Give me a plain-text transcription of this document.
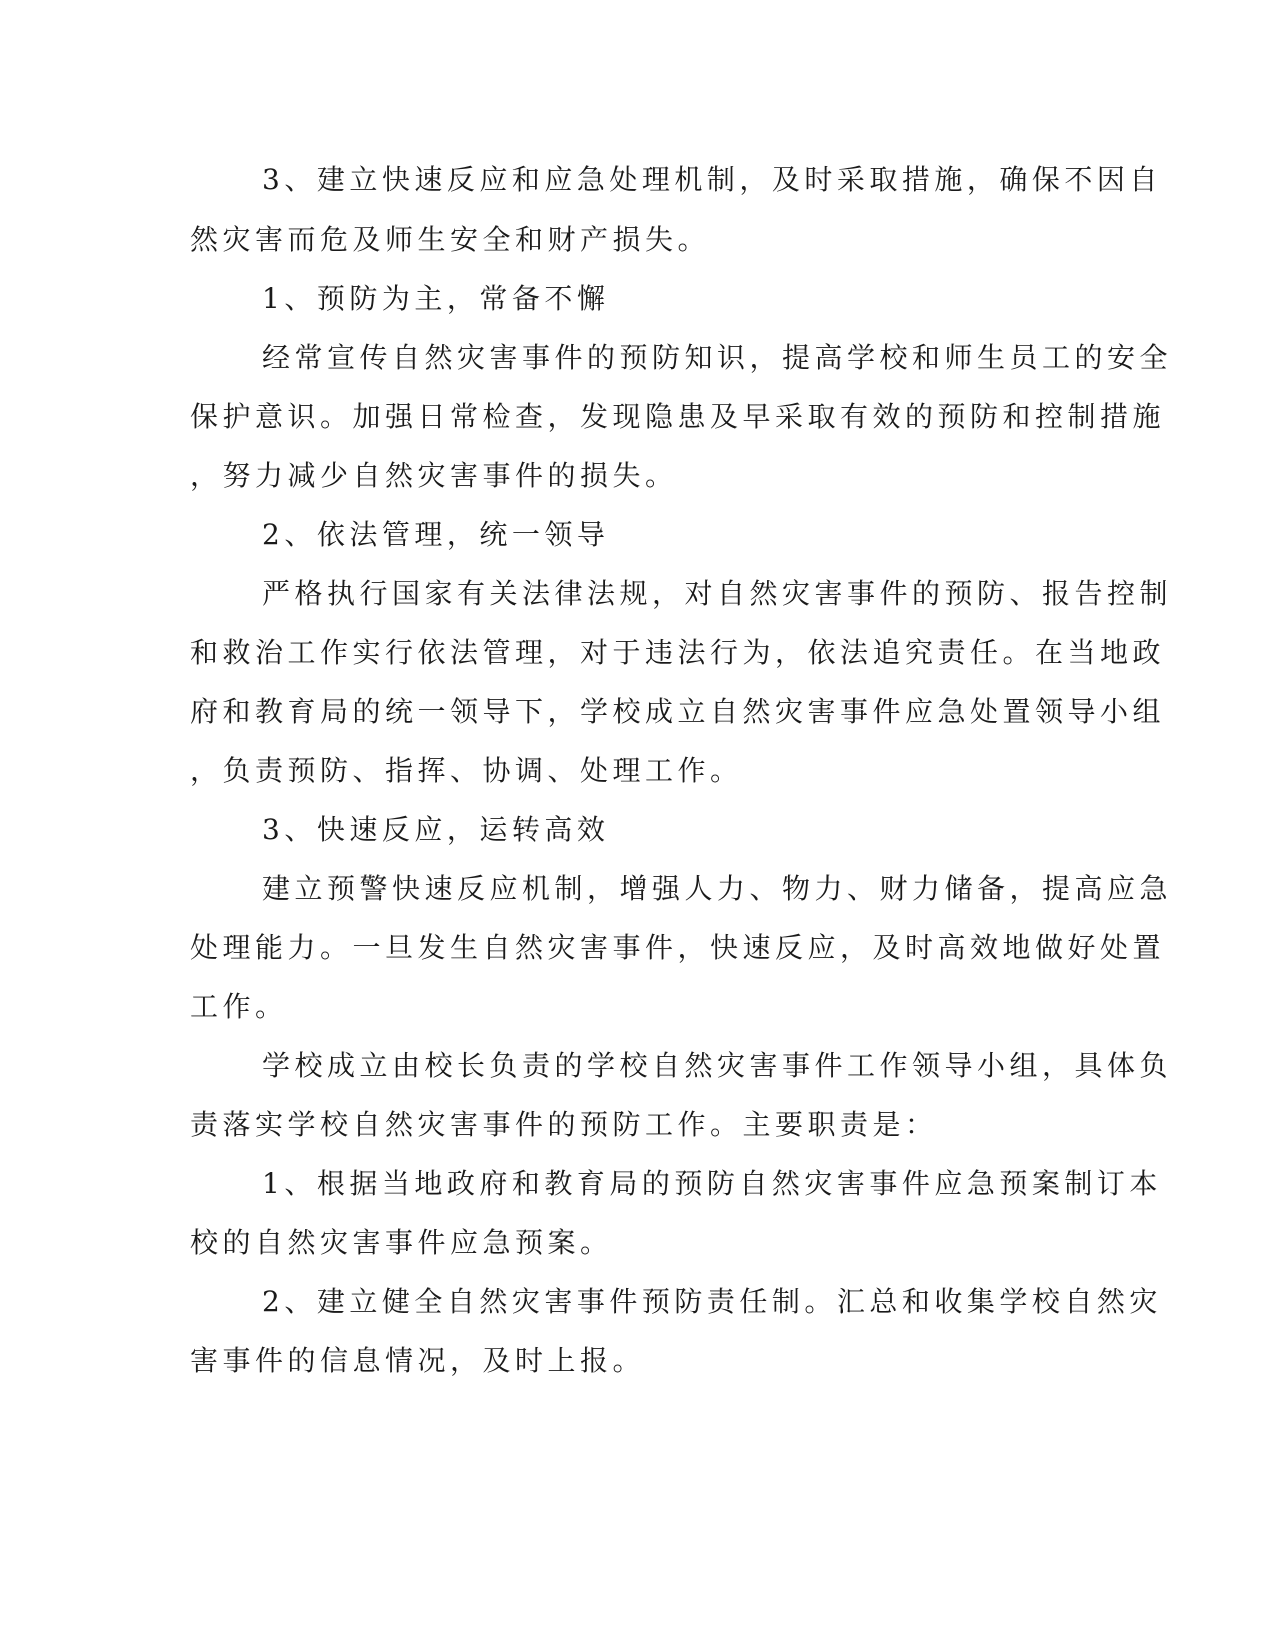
3、建立快速反应和应急处理机制，及时采取措施，确保不因自
然灾害而危及师生安全和财产损失。
1、预防为主，常备不懈
经常宣传自然灾害事件的预防知识，提高学校和师生员工的安全
保护意识。加强日常检查，发现隐患及早采取有效的预防和控制措施
，努力减少自然灾害事件的损失。
2、依法管理，统一领导
严格执行国家有关法律法规，对自然灾害事件的预防、报告控制
和救治工作实行依法管理，对于违法行为，依法追究责任。在当地政
府和教育局的统一领导下，学校成立自然灾害事件应急处置领导小组
，负责预防、指挥、协调、处理工作。
3、快速反应，运转高效
建立预警快速反应机制，增强人力、物力、财力储备，提高应急
处理能力。一旦发生自然灾害事件，快速反应，及时高效地做好处置
工作。
学校成立由校长负责的学校自然灾害事件工作领导小组，具体负
责落实学校自然灾害事件的预防工作。主要职责是：
1、根据当地政府和教育局的预防自然灾害事件应急预案制订本
校的自然灾害事件应急预案。
2、建立健全自然灾害事件预防责任制。汇总和收集学校自然灾
害事件的信息情况，及时上报。
